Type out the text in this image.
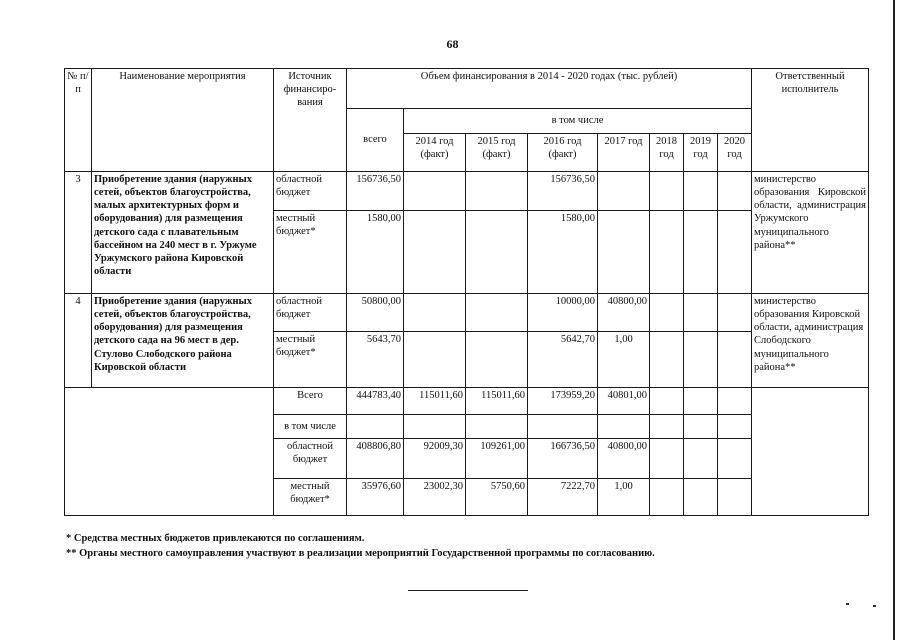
68
№ п/п	Наименование мероприятия	Источник финансиро-вания	Объем финансирования в 2014 - 2020 годах (тыс. рублей)								Ответственный исполнитель
			всего	в том числе							
				2014 год (факт)	2015 год (факт)	2016 год (факт)	2017 год	2018 год	2019 год	2020 год	
3	Приобретение здания (наружных сетей, объектов благоустройства, малых архитектурных форм и оборудования) для размещения детского сада с плавательным бассейном на 240 мест в г. Уржуме Уржумского района Кировской области	областной бюджет	156736,50			156736,50					министерство образования Кировской области, администрация Уржумского муниципального района**
		местный бюджет*	1580,00			1580,00					
4	Приобретение здания (наружных сетей, объектов благоустройства, оборудования) для размещения детского сада на 96 мест в дер. Стулово Слободского района Кировской области	областной бюджет	50800,00			10000,00	40800,00				министерство образования Кировской области, администрация Слободского муниципального района**
		местный бюджет*	5643,70			5642,70	1,00				
		Всего	444783,40	115011,60	115011,60	173959,20	40801,00				
		в том числе									
		областной бюджет	408806,80	92009,30	109261,00	166736,50	40800,00				
		местный бюджет*	35976,60	23002,30	5750,60	7222,70	1,00				
* Средства местных бюджетов привлекаются по соглашениям.
** Органы местного самоуправления участвуют в реализации мероприятий Государственной программы по согласованию.
